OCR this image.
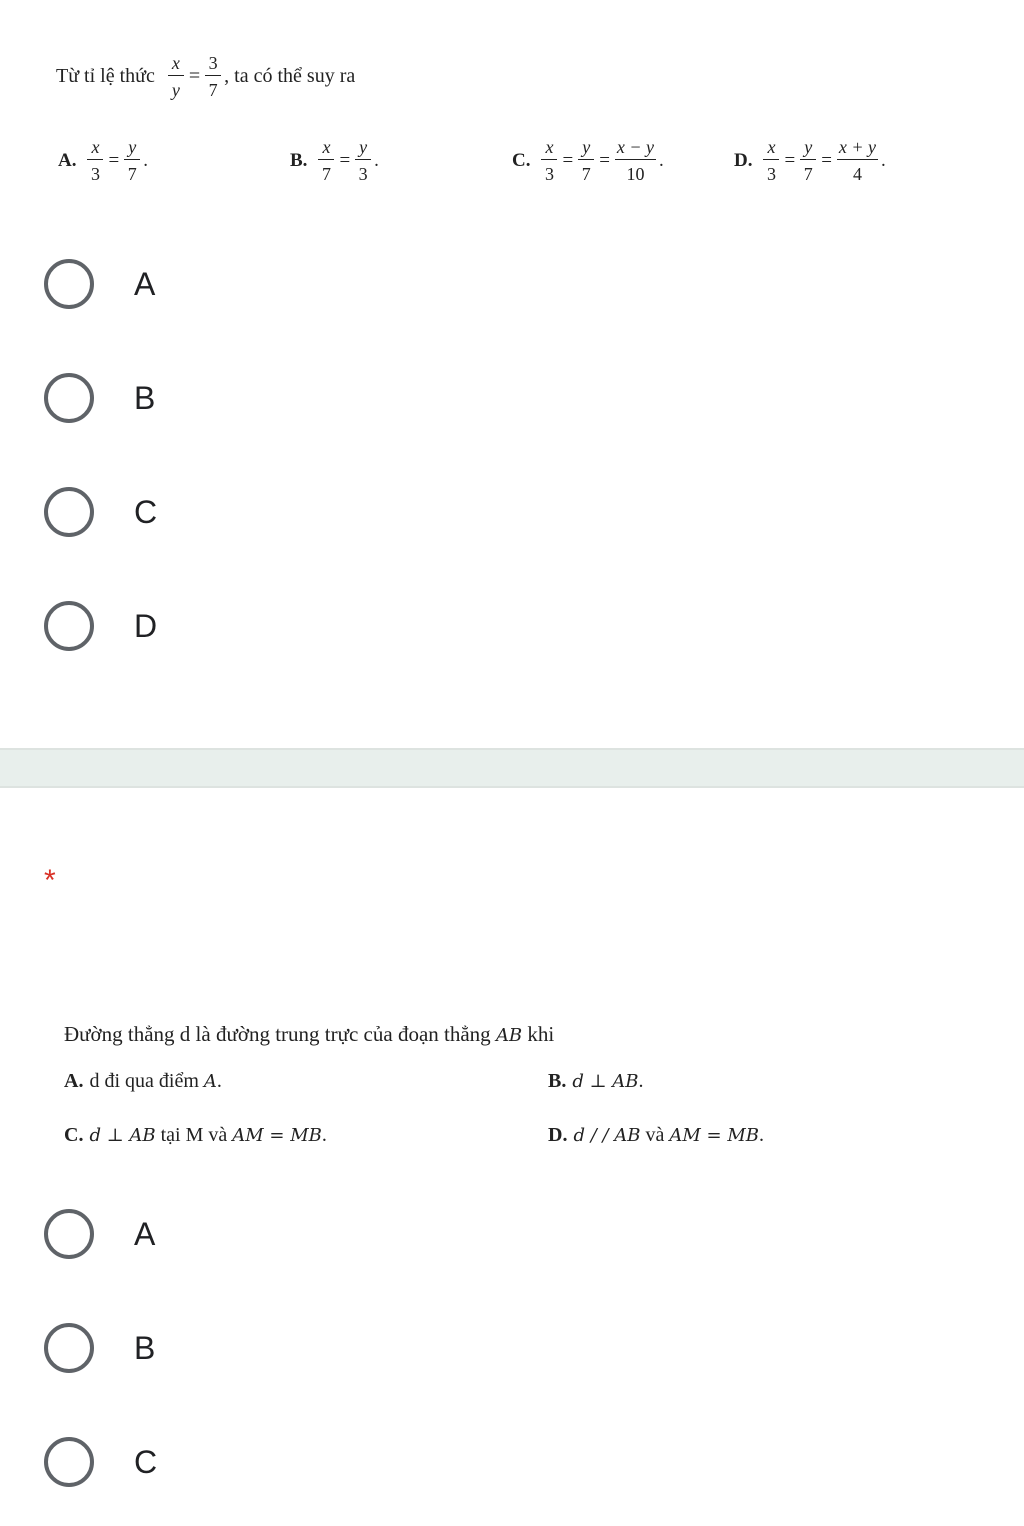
Từ tỉ lệ thức $\frac{x}{y} = \frac{3}{7}$ , ta có thể suy ra
A. $\frac{x}{3} = \frac{y}{7}$ .	B. $\frac{x}{7} = \frac{y}{3}$ .	C. $\frac{x}{3} = \frac{y}{7} = \frac{x - y}{10}$ .	D. $\frac{x}{3} = \frac{y}{7} = \frac{x + y}{4}$ .
A
B
C
D
*
Đường thẳng d là đường trung trực của đoạn thẳng AB khi
A. d đi qua điểm A.	B. d ⊥ AB.
C. d ⊥ AB tại M và AM = MB.	D. d / / AB và AM = MB.
A
B
C
